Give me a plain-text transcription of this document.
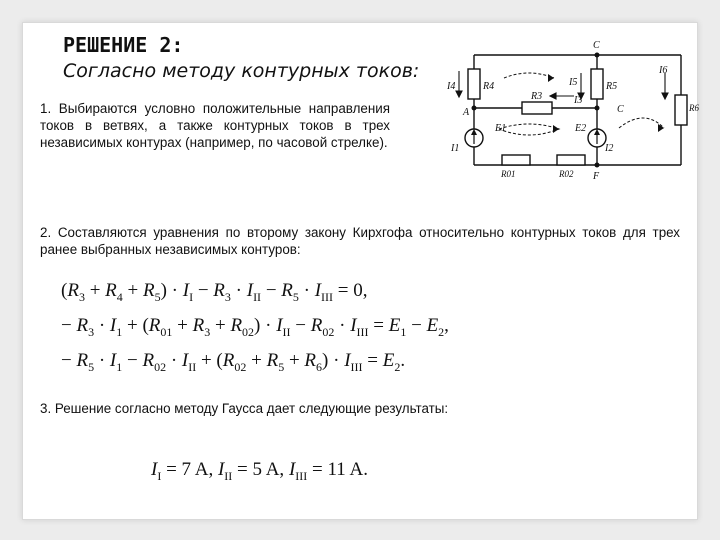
РЕШЕНИЕ 2:
Согласно методу контурных токов:
1. Выбираются условно положительные направления токов в ветвях, а также контурных токов в трех независимых контурах (например, по часовой стрелке).
C
A
F
C
I4	R4	I5	R5
I6
R6
R3	I3
E1	E2
I1	I2
R01	R02
2. Составляются уравнения по второму закону Кирхгофа относительно контурных токов для трех ранее выбранных независимых контуров:
$(R_3 + R_4 + R_5) \cdot I_I - R_3 \cdot I_{II} - R_5 \cdot I_{III} = 0$,
− $R_3 \cdot I_1 + (R_{01} + R_3 + R_{02}) \cdot I_{II} - R_{02} \cdot I_{III} = E_1 - E_2$,
− $R_5 \cdot I_1 - R_{02} \cdot I_{II} + (R_{02} + R_5 + R_6) \cdot I_{III} = E_2$.
3. Решение согласно методу Гаусса дает следующие результаты:
$I_I = 7$ A, $I_{II} = 5$ A, $I_{III} = 11$ A.
